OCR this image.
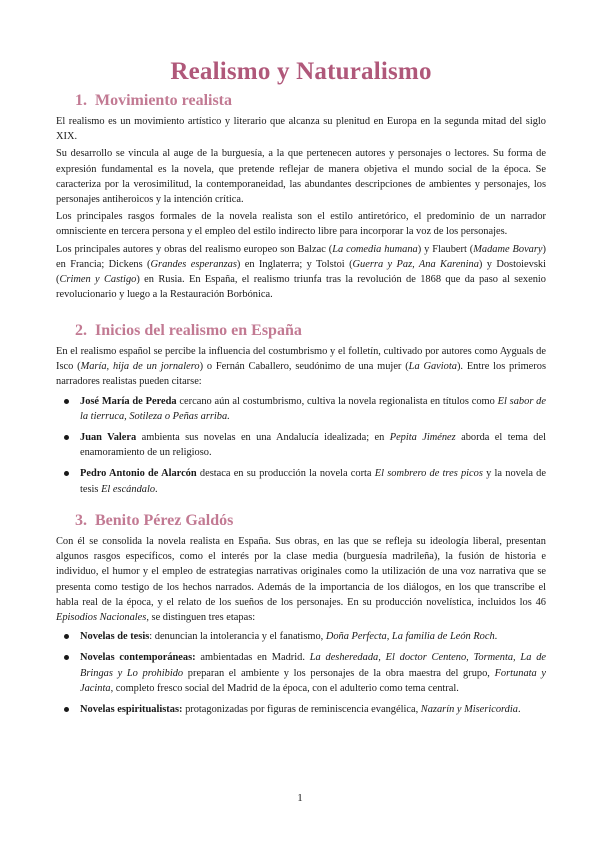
Realismo y Naturalismo
1. Movimiento realista

El realismo es un movimiento artístico y literario que alcanza su plenitud en Europa en la segunda mitad del siglo XIX.

Su desarrollo se vincula al auge de la burguesía, a la que pertenecen autores y personajes o lectores. Su forma de expresión fundamental es la novela, que pretende reflejar de manera objetiva el mundo social de la época. Se caracteriza por la verosimilitud, la contemporaneidad, las abundantes descripciones de ambientes y personajes, los personajes antiheroicos y la intención crítica.

Los principales rasgos formales de la novela realista son el estilo antiretórico, el predominio de un narrador omnisciente en tercera persona y el empleo del estilo indirecto libre para incorporar la voz de los personajes.

Los principales autores y obras del realismo europeo son Balzac (La comedia humana) y Flaubert (Madame Bovary) en Francia; Dickens (Grandes esperanzas) en Inglaterra; y Tolstoi (Guerra y Paz, Ana Karenina) y Dostoievski (Crimen y Castigo) en Rusia. En España, el realismo triunfa tras la revolución de 1868 que da paso al sexenio revolucionario y luego a la Restauración Borbónica.

2. Inicios del realismo en España

En el realismo español se percibe la influencia del costumbrismo y el folletín, cultivado por autores como Ayguals de Isco (María, hija de un jornalero) o Fernán Caballero, seudónimo de una mujer (La Gaviota). Entre los primeros narradores realistas pueden citarse:

José María de Pereda cercano aún al costumbrismo, cultiva la novela regionalista en títulos como El sabor de la tierruca, Sotileza o Peñas arriba.
Juan Valera ambienta sus novelas en una Andalucía idealizada; en Pepita Jiménez aborda el tema del enamoramiento de un religioso.
Pedro Antonio de Alarcón destaca en su producción la novela corta El sombrero de tres picos y la novela de tesis El escándalo.
3. Benito Pérez Galdós

Con él se consolida la novela realista en España. Sus obras, en las que se refleja su ideología liberal, presentan algunos rasgos específicos, como el interés por la clase media (burguesía madrileña), la fusión de historia e individuo, el humor y el empleo de estrategias narrativas originales como la utilización de una voz narrativa que se presenta como testigo de los hechos narrados. Además de la importancia de los diálogos, en los que transcribe el habla real de la época, y el relato de los sueños de los personajes. En su producción novelística, incluidos los 46 Episodios Nacionales, se distinguen tres etapas:

Novelas de tesis: denuncian la intolerancia y el fanatismo, Doña Perfecta, La familia de León Roch.
Novelas contemporáneas: ambientadas en Madrid. La desheredada, El doctor Centeno, Tormenta, La de Bringas y Lo prohibido preparan el ambiente y los personajes de la obra maestra del grupo, Fortunata y Jacinta, completo fresco social del Madrid de la época, con el adulterio como tema central.
Novelas espiritualistas: protagonizadas por figuras de reminiscencia evangélica, Nazarín y Misericordia.
1
